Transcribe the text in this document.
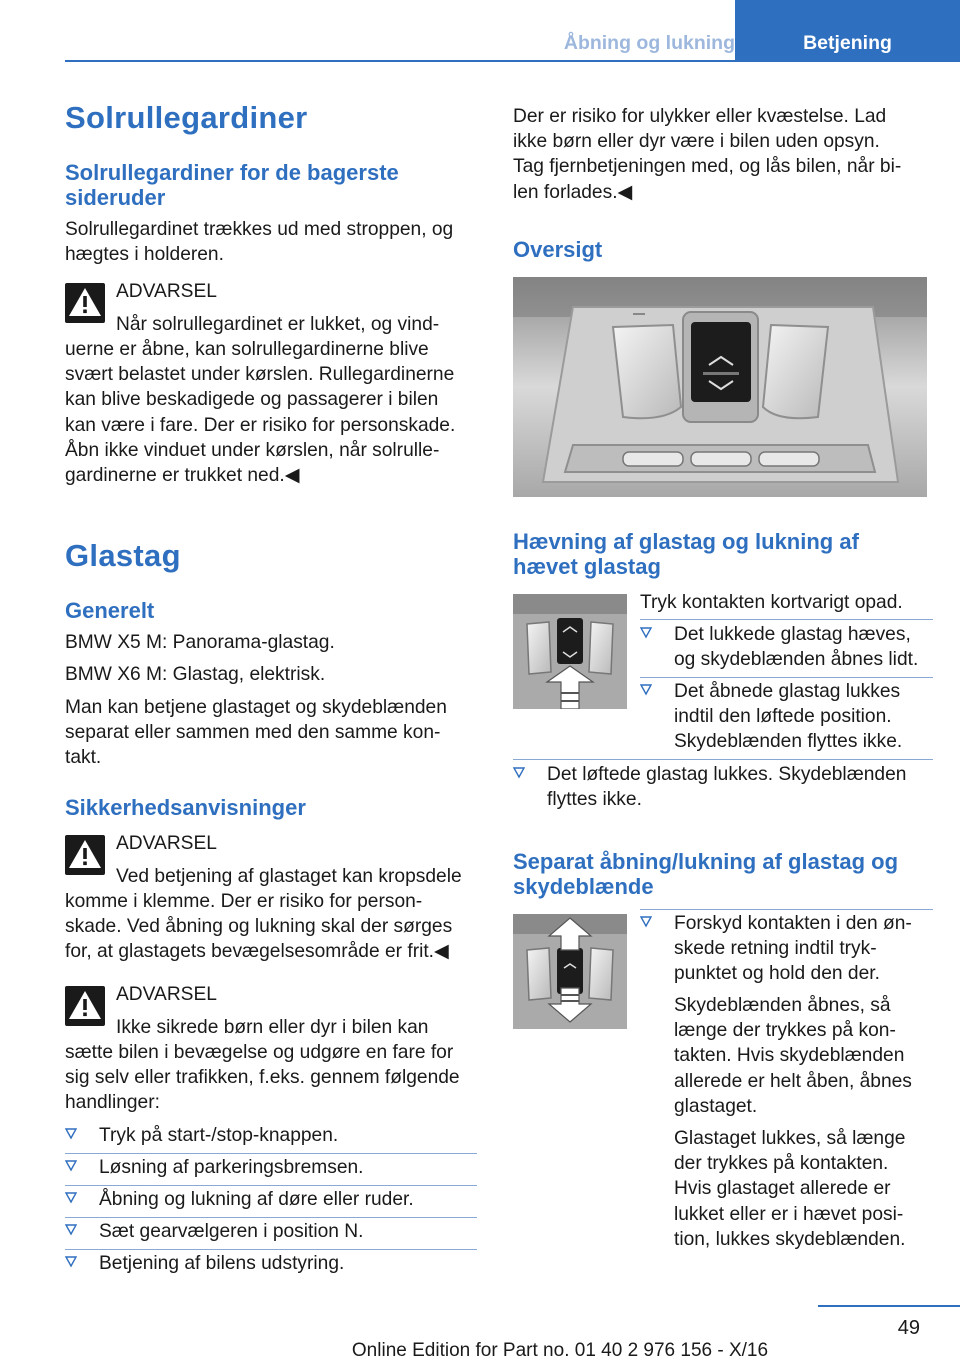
Åbning og lukning	Betjening
Solrullegardiner
Solrullegardiner for de bagerste
sideruder
Solrullegardinet trækkes ud med stroppen, og
hægtes i holderen.
ADVARSEL
Når solrullegardinet er lukket, og vind-
uerne er åbne, kan solrullegardinerne blive
svært belastet under kørslen. Rullegardinerne
kan blive beskadigede og passagerer i bilen
kan være i fare. Der er risiko for personskade.
Åbn ikke vinduet under kørslen, når solrulle-
gardinerne er trukket ned.◀
Glastag
Generelt
BMW X5 M: Panorama-glastag.
BMW X6 M: Glastag, elektrisk.
Man kan betjene glastaget og skydeblænden
separat eller sammen med den samme kon-
takt.
Sikkerhedsanvisninger
ADVARSEL
Ved betjening af glastaget kan kropsdele
komme i klemme. Der er risiko for person-
skade. Ved åbning og lukning skal der sørges
for, at glastagets bevægelsesområde er frit.◀
ADVARSEL
Ikke sikrede børn eller dyr i bilen kan
sætte bilen i bevægelse og udgøre en fare for
sig selv eller trafikken, f.eks. gennem følgende
handlinger:
Tryk på start-/stop-knappen.
Løsning af parkeringsbremsen.
Åbning og lukning af døre eller ruder.
Sæt gearvælgeren i position N.
Betjening af bilens udstyring.
Der er risiko for ulykker eller kvæstelse. Lad
ikke børn eller dyr være i bilen uden opsyn.
Tag fjernbetjeningen med, og lås bilen, når bi-
len forlades.◀
Oversigt
Hævning af glastag og lukning af
hævet glastag
Tryk kontakten kortvarigt opad.
Det lukkede glastag hæves,
og skydeblænden åbnes lidt.
Det åbnede glastag lukkes
indtil den løftede position.
Skydeblænden flyttes ikke.
Det løftede glastag lukkes. Skydeblænden
flyttes ikke.
Separat åbning/lukning af glastag og
skydeblænde
Forskyd kontakten i den øn-
skede retning indtil tryk-
punktet og hold den der.
Skydeblænden åbnes, så
længe der trykkes på kon-
takten. Hvis skydeblænden
allerede er helt åben, åbnes
glastaget.
Glastaget lukkes, så længe
der trykkes på kontakten.
Hvis glastaget allerede er
lukket eller er i hævet posi-
tion, lukkes skydeblænden.
49
Online Edition for Part no. 01 40 2 976 156 - X/16
